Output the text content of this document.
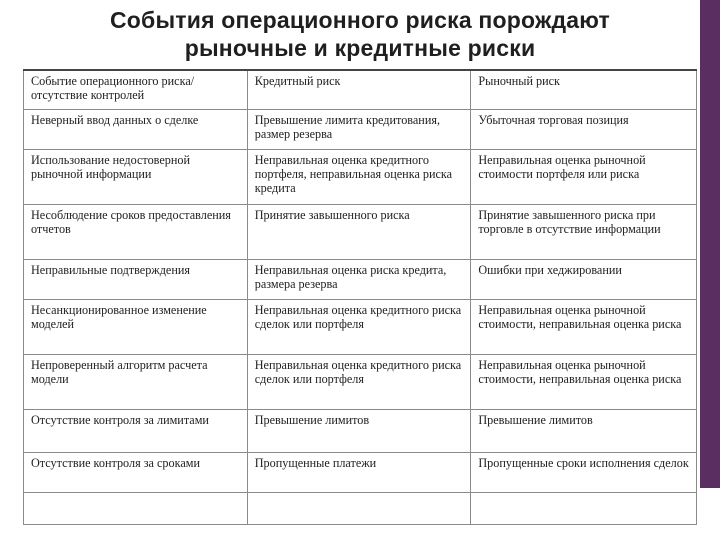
События операционного риска порождают
рыночные и кредитные риски
Событие операционного риска/ отсутствие контролей	Кредитный риск	Рыночный риск
Неверный ввод данных о сделке	Превышение лимита кредитования, размер резерва	Убыточная торговая позиция
Использование недостоверной рыночной информации	Неправильная оценка кредитного портфеля, неправильная оценка риска кредита	Неправильная оценка рыночной стоимости портфеля или риска
Несоблюдение сроков предоставления отчетов	Принятие завышенного риска	Принятие завышенного риска при торговле в отсутствие информации
Неправильные подтверждения	Неправильная оценка риска кредита, размера резерва	Ошибки при хеджировании
Несанкционированное изменение моделей	Неправильная оценка кредитного риска сделок или портфеля	Неправильная оценка рыночной стоимости, неправильная оценка риска
Непроверенный алгоритм расчета модели	Неправильная оценка кредитного риска сделок или портфеля	Неправильная оценка рыночной стоимости, неправильная оценка риска
Отсутствие контроля за лимитами	Превышение лимитов	Превышение лимитов
Отсутствие контроля за сроками	Пропущенные платежи	Пропущенные сроки исполнения сделок
